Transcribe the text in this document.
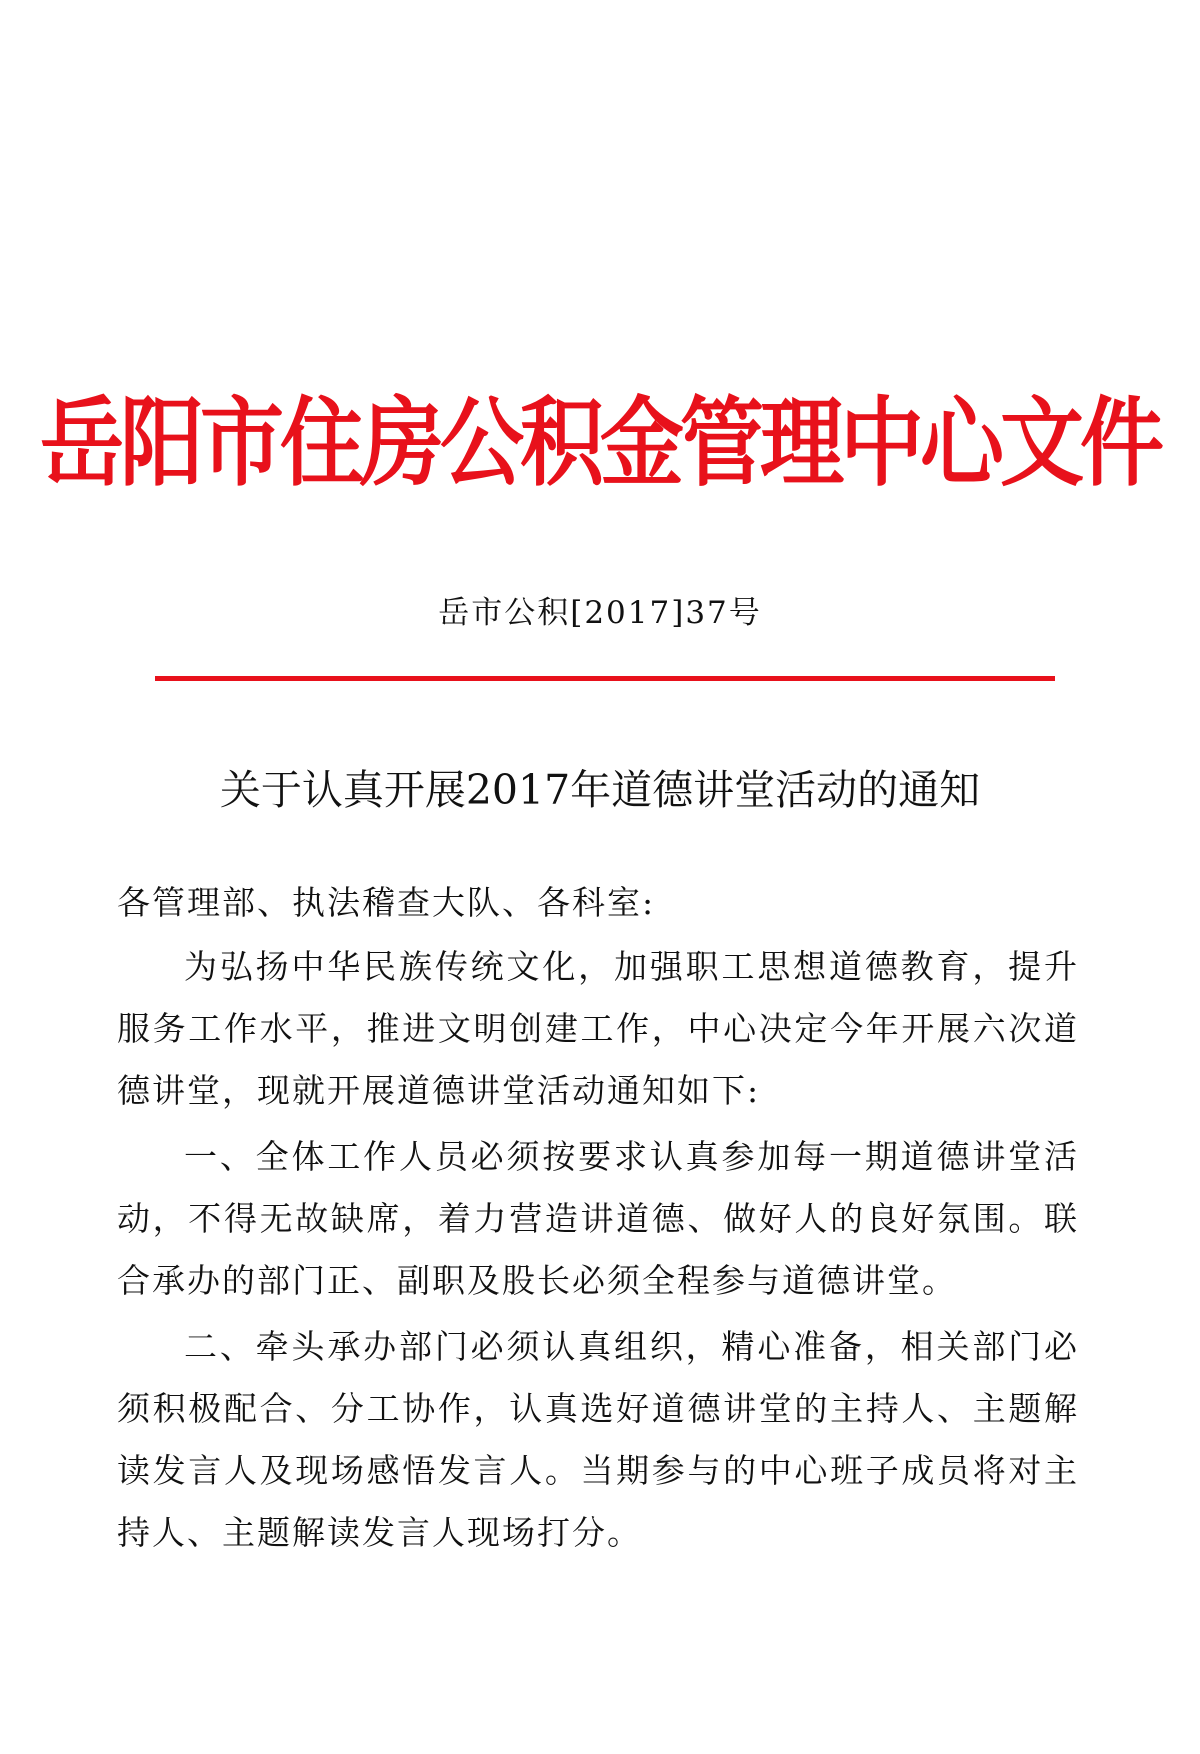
岳阳市住房公积金管理中心文件
岳市公积[2017]37号
关于认真开展2017年道德讲堂活动的通知

各管理部、执法稽查大队、各科室:

为弘扬中华民族传统文化，加强职工思想道德教育，提升服务工作水平，推进文明创建工作，中心决定今年开展六次道德讲堂，现就开展道德讲堂活动通知如下:

一、全体工作人员必须按要求认真参加每一期道德讲堂活动，不得无故缺席，着力营造讲道德、做好人的良好氛围。联合承办的部门正、副职及股长必须全程参与道德讲堂。

二、牵头承办部门必须认真组织，精心准备，相关部门必须积极配合、分工协作，认真选好道德讲堂的主持人、主题解读发言人及现场感悟发言人。当期参与的中心班子成员将对主持人、主题解读发言人现场打分。
